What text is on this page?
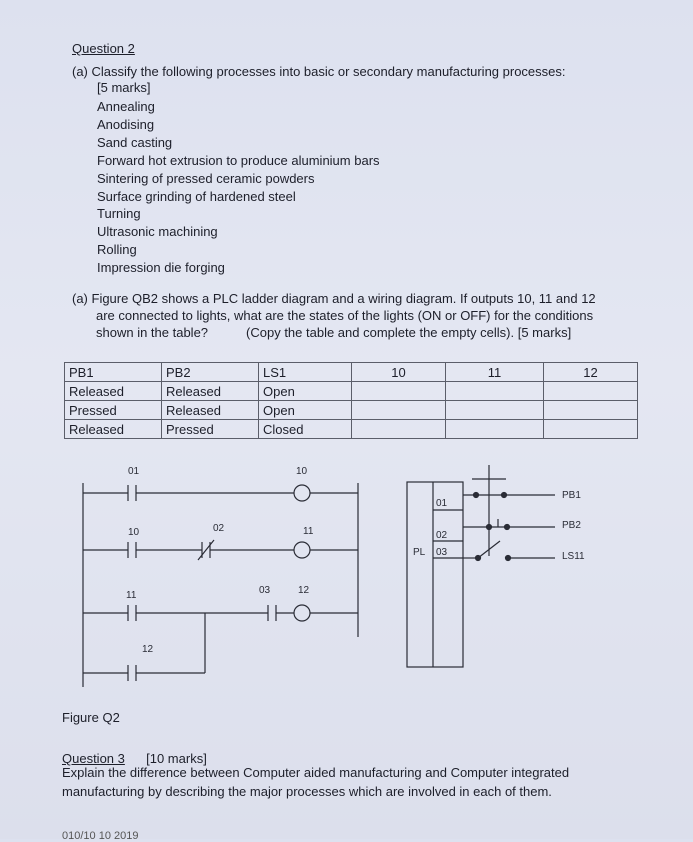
Question 2
(a) Classify the following processes into basic or secondary manufacturing processes:
[5 marks]
Annealing
Anodising
Sand casting
Forward hot extrusion to produce aluminium bars
Sintering of pressed ceramic powders
Surface grinding of hardened steel
Turning
Ultrasonic machining
Rolling
Impression die forging
(a) Figure QB2 shows a PLC ladder diagram and a wiring diagram. If outputs 10, 11 and 12
are connected to lights, what are the states of the lights (ON or OFF) for the conditions
shown in the table?	(Copy the table and complete the empty cells). [5 marks]
PB1	PB2	LS1	10	11	12
Released	Released	Open			
Pressed	Released	Open			
Released	Pressed	Closed			
01	10
10	02	11
11	03	12
12
01
02
PL 03
PB1
PB2
LS11
Figure Q2
Question 3 [10 marks]
Explain the difference between Computer aided manufacturing and Computer integrated
manufacturing by describing the major processes which are involved in each of them.
010/10 10 2019
